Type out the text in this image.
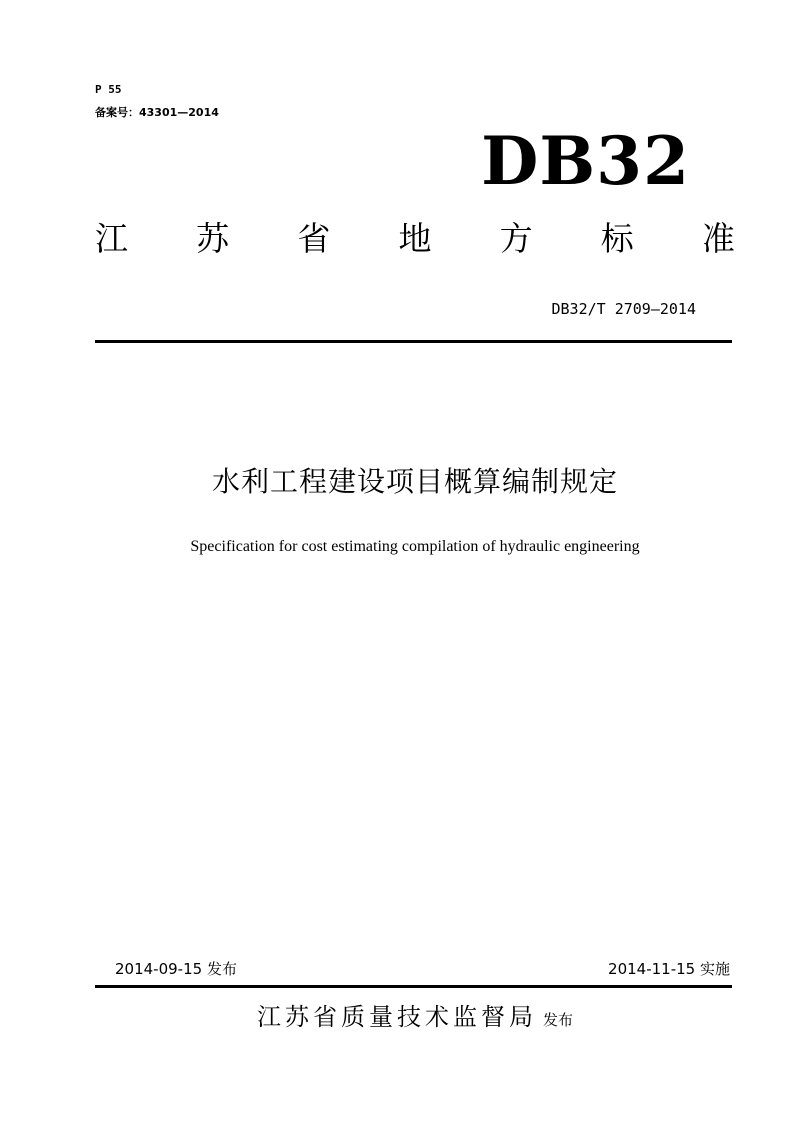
P 55
备案号：43301—2014
DB32
江 苏 省 地 方 标 准
DB32/T 2709—2014
水利工程建设项目概算编制规定
Specification for cost estimating compilation of hydraulic engineering
2014-09-15 发布	2014-11-15 实施
江苏省质量技术监督局 发布
